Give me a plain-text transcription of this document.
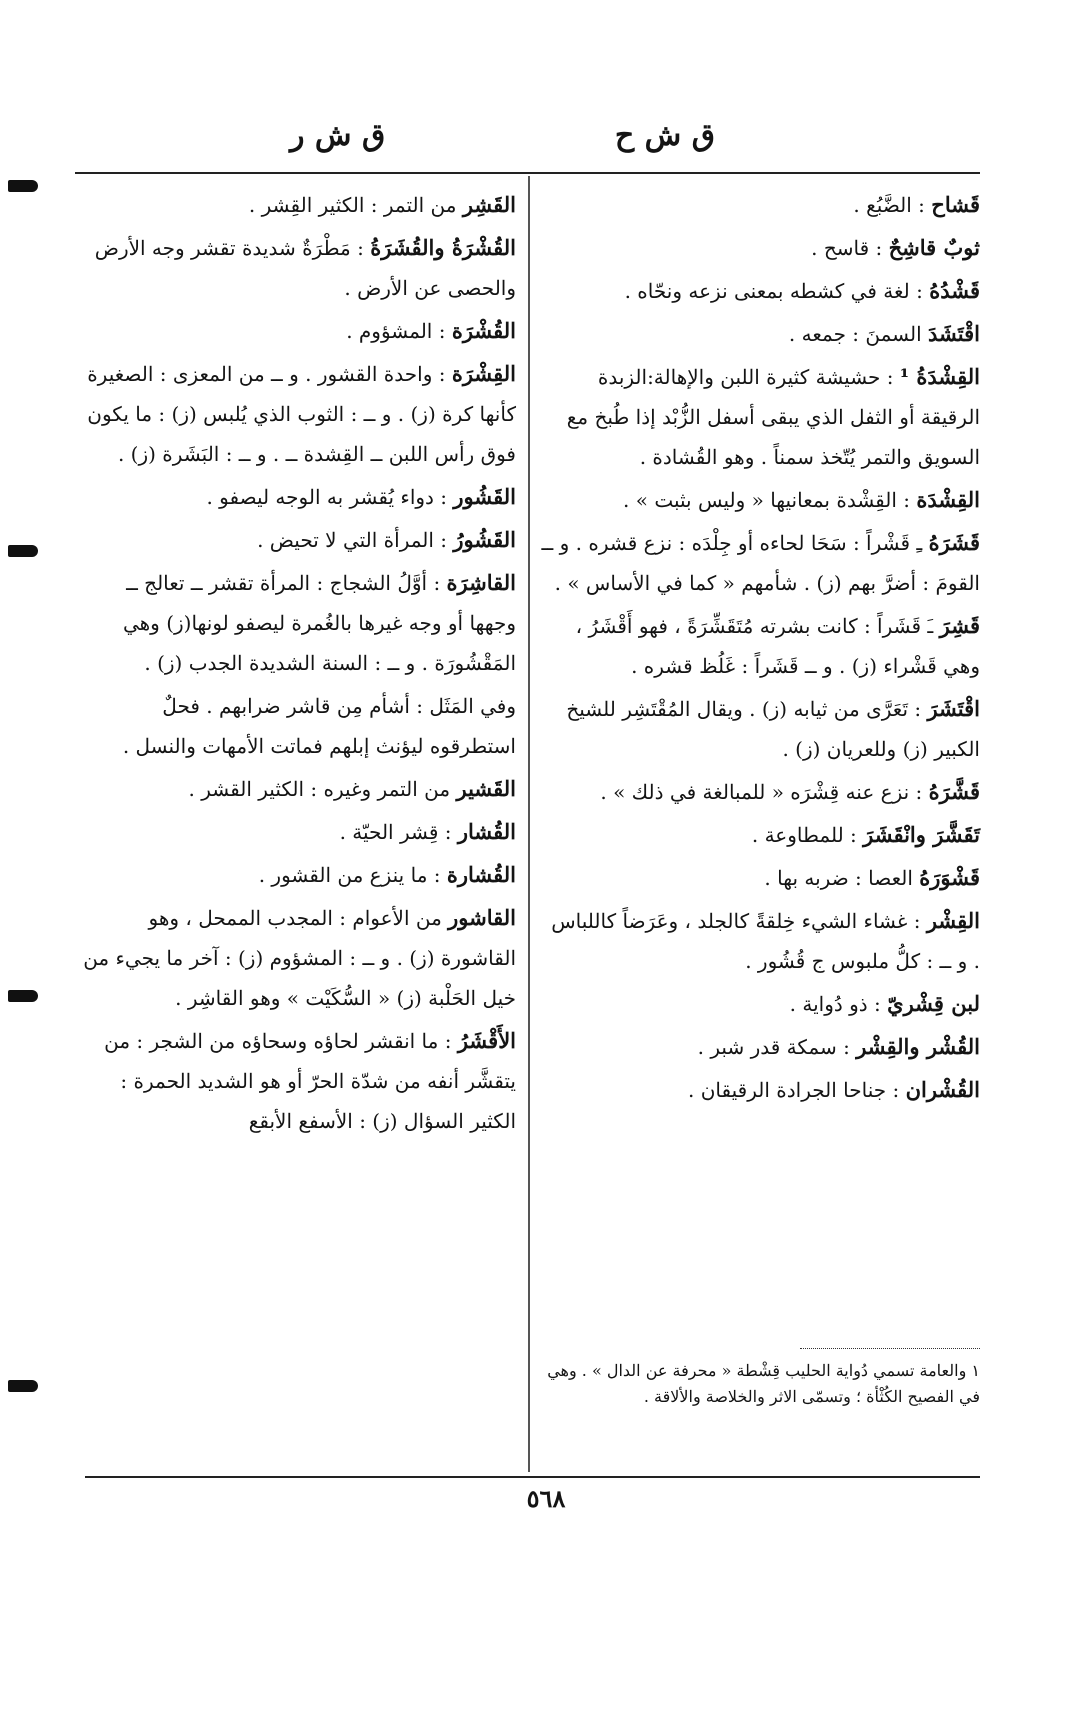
ق ش ح
ق ش ر

قَشاح : الضَّبُع .

ثوبٌ قاشِحٌ : قاسح .

قَشْدُهُ : لغة في كشطه بمعنى نزعه ونحّاه .

اقْتَشَدَ السمنَ : جمعه .

القِشْدَةُ ¹ : حشيشة كثيرة اللبن والإهالة:الزبدة الرقيقة أو الثفل الذي يبقى أسفل الزُّبْد إذا طُبخ مع السويق والتمر يُتّخذ سمناً . وهو القُشادة .

القِشْدَة : القِشْدة بمعانيها « وليس بثبت » .

قَشَرَهُ ـِ قَشْراً : سَحَا لحاءه أو جِلْدَه : نزع قشره . و ــ القومَ : أضرَّ بهم (ز) . شأمهم « كما في الأساس » .

قَشِرَ ـَ قَشَراً : كانت بشرته مُتَقَشِّرَةً ، فهو أَقْشَرُ ، وهي قَشْراء (ز) . و ــ قَشَراً : غَلُظ قشره .

اقْتَشَرَ : تَعَرَّى من ثيابه (ز) . ويقال المُقْتَشِر للشيخ الكبير (ز) وللعريان (ز) .

قَشَّرَهُ : نزع عنه قِشْرَه « للمبالغة في ذلك » .

تَقَشَّرَ وانْقَشَرَ : للمطاوعة .

قَشْوَرَهُ العصا : ضربه بها .

القِشْر : غشاء الشيء خِلقةً كالجلد ، وعَرَضاً كاللباس . و ــ : كلُّ ملبوس ج قُشُور .

لبن قِشْريّ : ذو دُواية .

القُشْر والقِشْر : سمكة قدر شبر .

القُشْران : جناحا الجرادة الرقيقان .

القَشِر من التمر : الكثير القِشر .

القُشْرَةُ والقُشَرَةُ : مَطْرَةٌ شديدة تقشر وجه الأرض والحصى عن الأرض .

القُشْرَة : المشؤوم .

القِشْرَة : واحدة القشور . و ــ من المعزى : الصغيرة كأنها كرة (ز) . و ــ : الثوب الذي يُلبس (ز) : ما يكون فوق رأس اللبن ــ القِشدة ــ . و ــ : البَشَرة (ز) .

القَشُور : دواء يُقشر به الوجه ليصفو .

القَشُورُ : المرأة التي لا تحيض .

القاشِرَة : أوَّلُ الشجاج : المرأة تقشر ــ تعالج ــ وجهها أو وجه غيرها بالغُمرة ليصفو لونها(ز) وهي المَقْشُورَة . و ــ : السنة الشديدة الجدب (ز) .

وفي المَثَل : أشأم مِن قاشر ضرابهم . فحلٌ استطرقوه ليؤنث إبلهم فماتت الأمهات والنسل .

القَشير من التمر وغيره : الكثير القشر .

القُشار : قِشر الحيّة .

القُشارة : ما ينزع من القشور .

القاشور من الأعوام : المجدب الممحل ، وهو القاشورة (ز) . و ــ : المشؤوم (ز) : آخر ما يجيء من خيل الحَلْبة (ز) « السُّكَيْت » وهو القاشِر .

الأَقْشَرُ : ما انقشر لحاؤه وسحاؤه من الشجر : من يتقشَّر أنفه من شدّة الحرّ أو هو الشديد الحمرة : الكثير السؤال (ز) : الأسفع الأبقع

١ والعامة تسمي دُواية الحليب قِشْطة « محرفة عن الدال » . وهي في الفصيح الكُثْأة ؛ وتسمّى الاثر والخلاصة والألاقة .
٥٦٨
